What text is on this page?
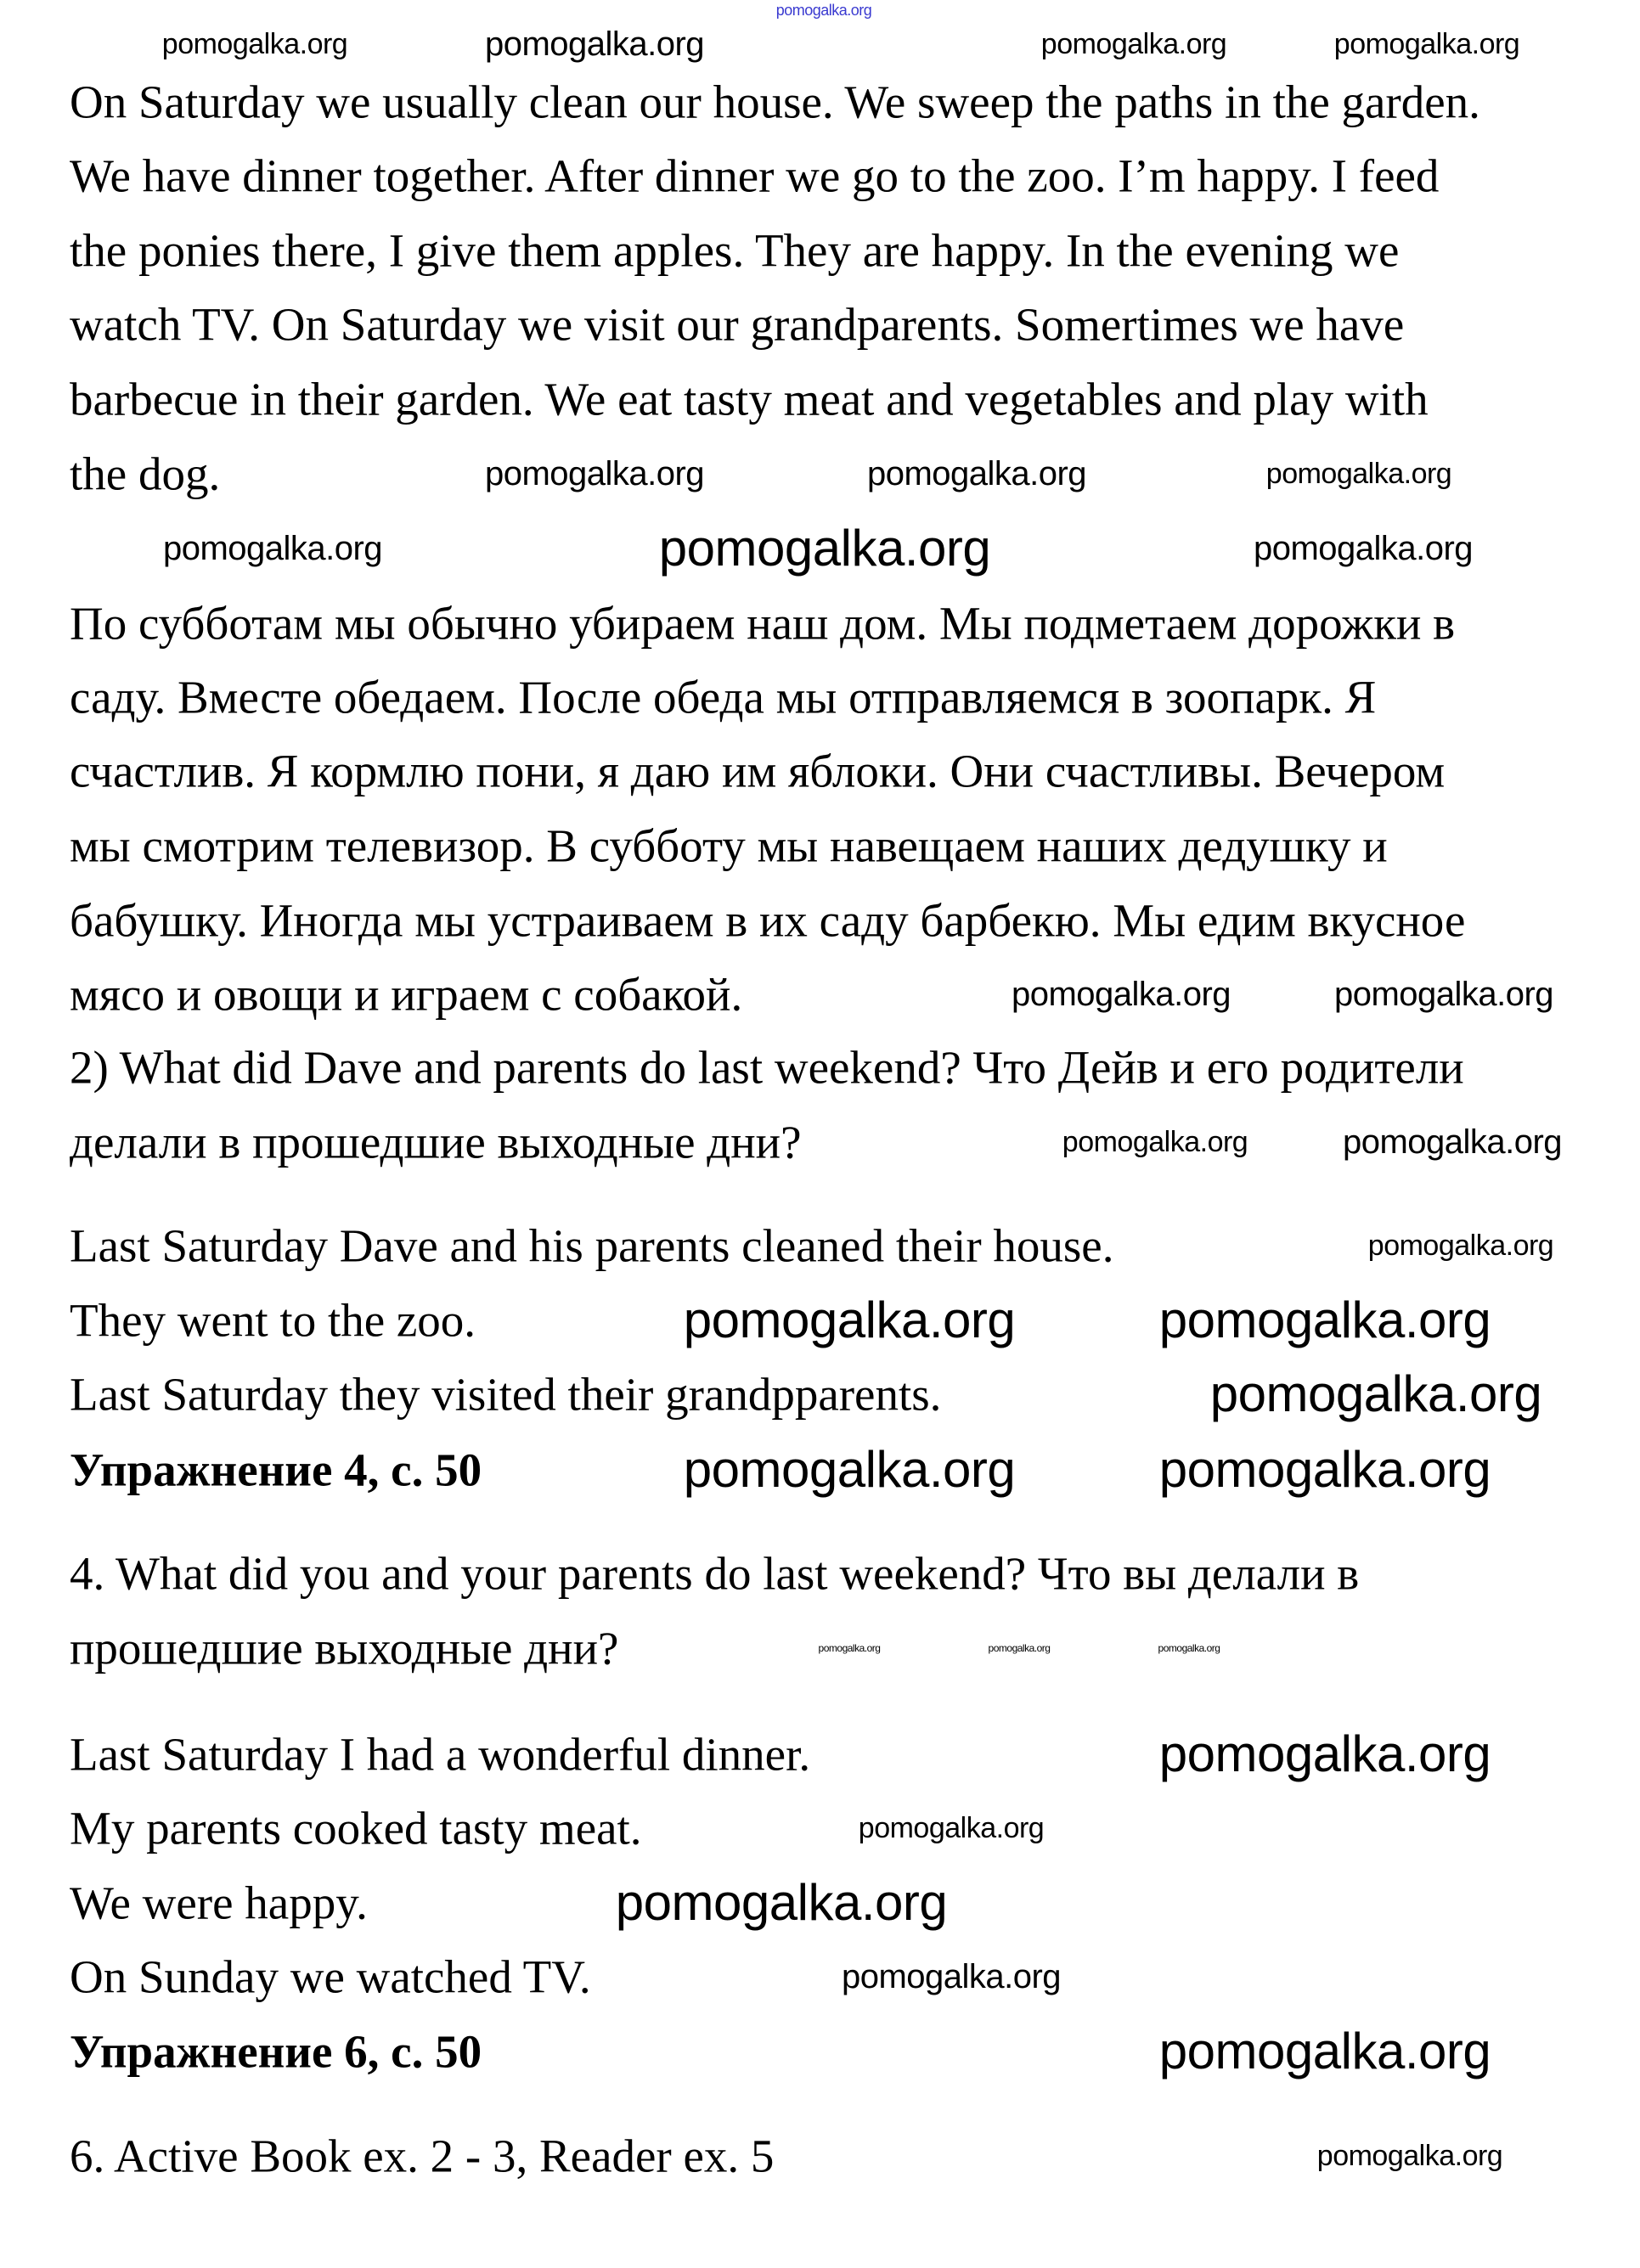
On Saturday we usually clean our house. We sweep the paths in the garden.
We have dinner together. After dinner we go to the zoo. I’m happy. I feed
the ponies there, I give them apples. They are happy. In the evening we
watch TV. On Saturday we visit our grandparents. Somertimes we have
barbecue in their garden. We eat tasty meat and vegetables and play with
the dog.
По субботам мы обычно убираем наш дом. Мы подметаем дорожки в
саду. Вместе обедаем. После обеда мы отправляемся в зоопарк. Я
счастлив. Я кормлю пони, я даю им яблоки. Они счастливы. Вечером
мы смотрим телевизор. В субботу мы навещаем наших дедушку и
бабушку. Иногда мы устраиваем в их саду барбекю. Мы едим вкусное
мясо и овощи и играем с собакой.
2) What did Dave and parents do last weekend? Что Дейв и его родители
делали в прошедшие выходные дни?
Last Saturday Dave and his parents cleaned their house.
They went to the zoo.
Last Saturday they visited their grandpparents.
Упражнение 4, с. 50
4. What did you and your parents do last weekend? Что вы делали в
прошедшие выходные дни?
Last Saturday I had a wonderful dinner.
My parents cooked tasty meat.
We were happy.
On Sunday we watched TV.
Упражнение 6, с. 50
6. Active Book ex. 2 - 3, Reader ex. 5
pomogalka.org
pomogalka.org	pomogalka.org	pomogalka.org	pomogalka.org
pomogalka.org	pomogalka.org	pomogalka.org
pomogalka.org	pomogalka.org	pomogalka.org
pomogalka.org	pomogalka.org
pomogalka.org	pomogalka.org
pomogalka.org
pomogalka.org	pomogalka.org
pomogalka.org
pomogalka.org	pomogalka.org
pomogalka.org	pomogalka.org	pomogalka.org
pomogalka.org
pomogalka.org
pomogalka.org
pomogalka.org
pomogalka.org
pomogalka.org
